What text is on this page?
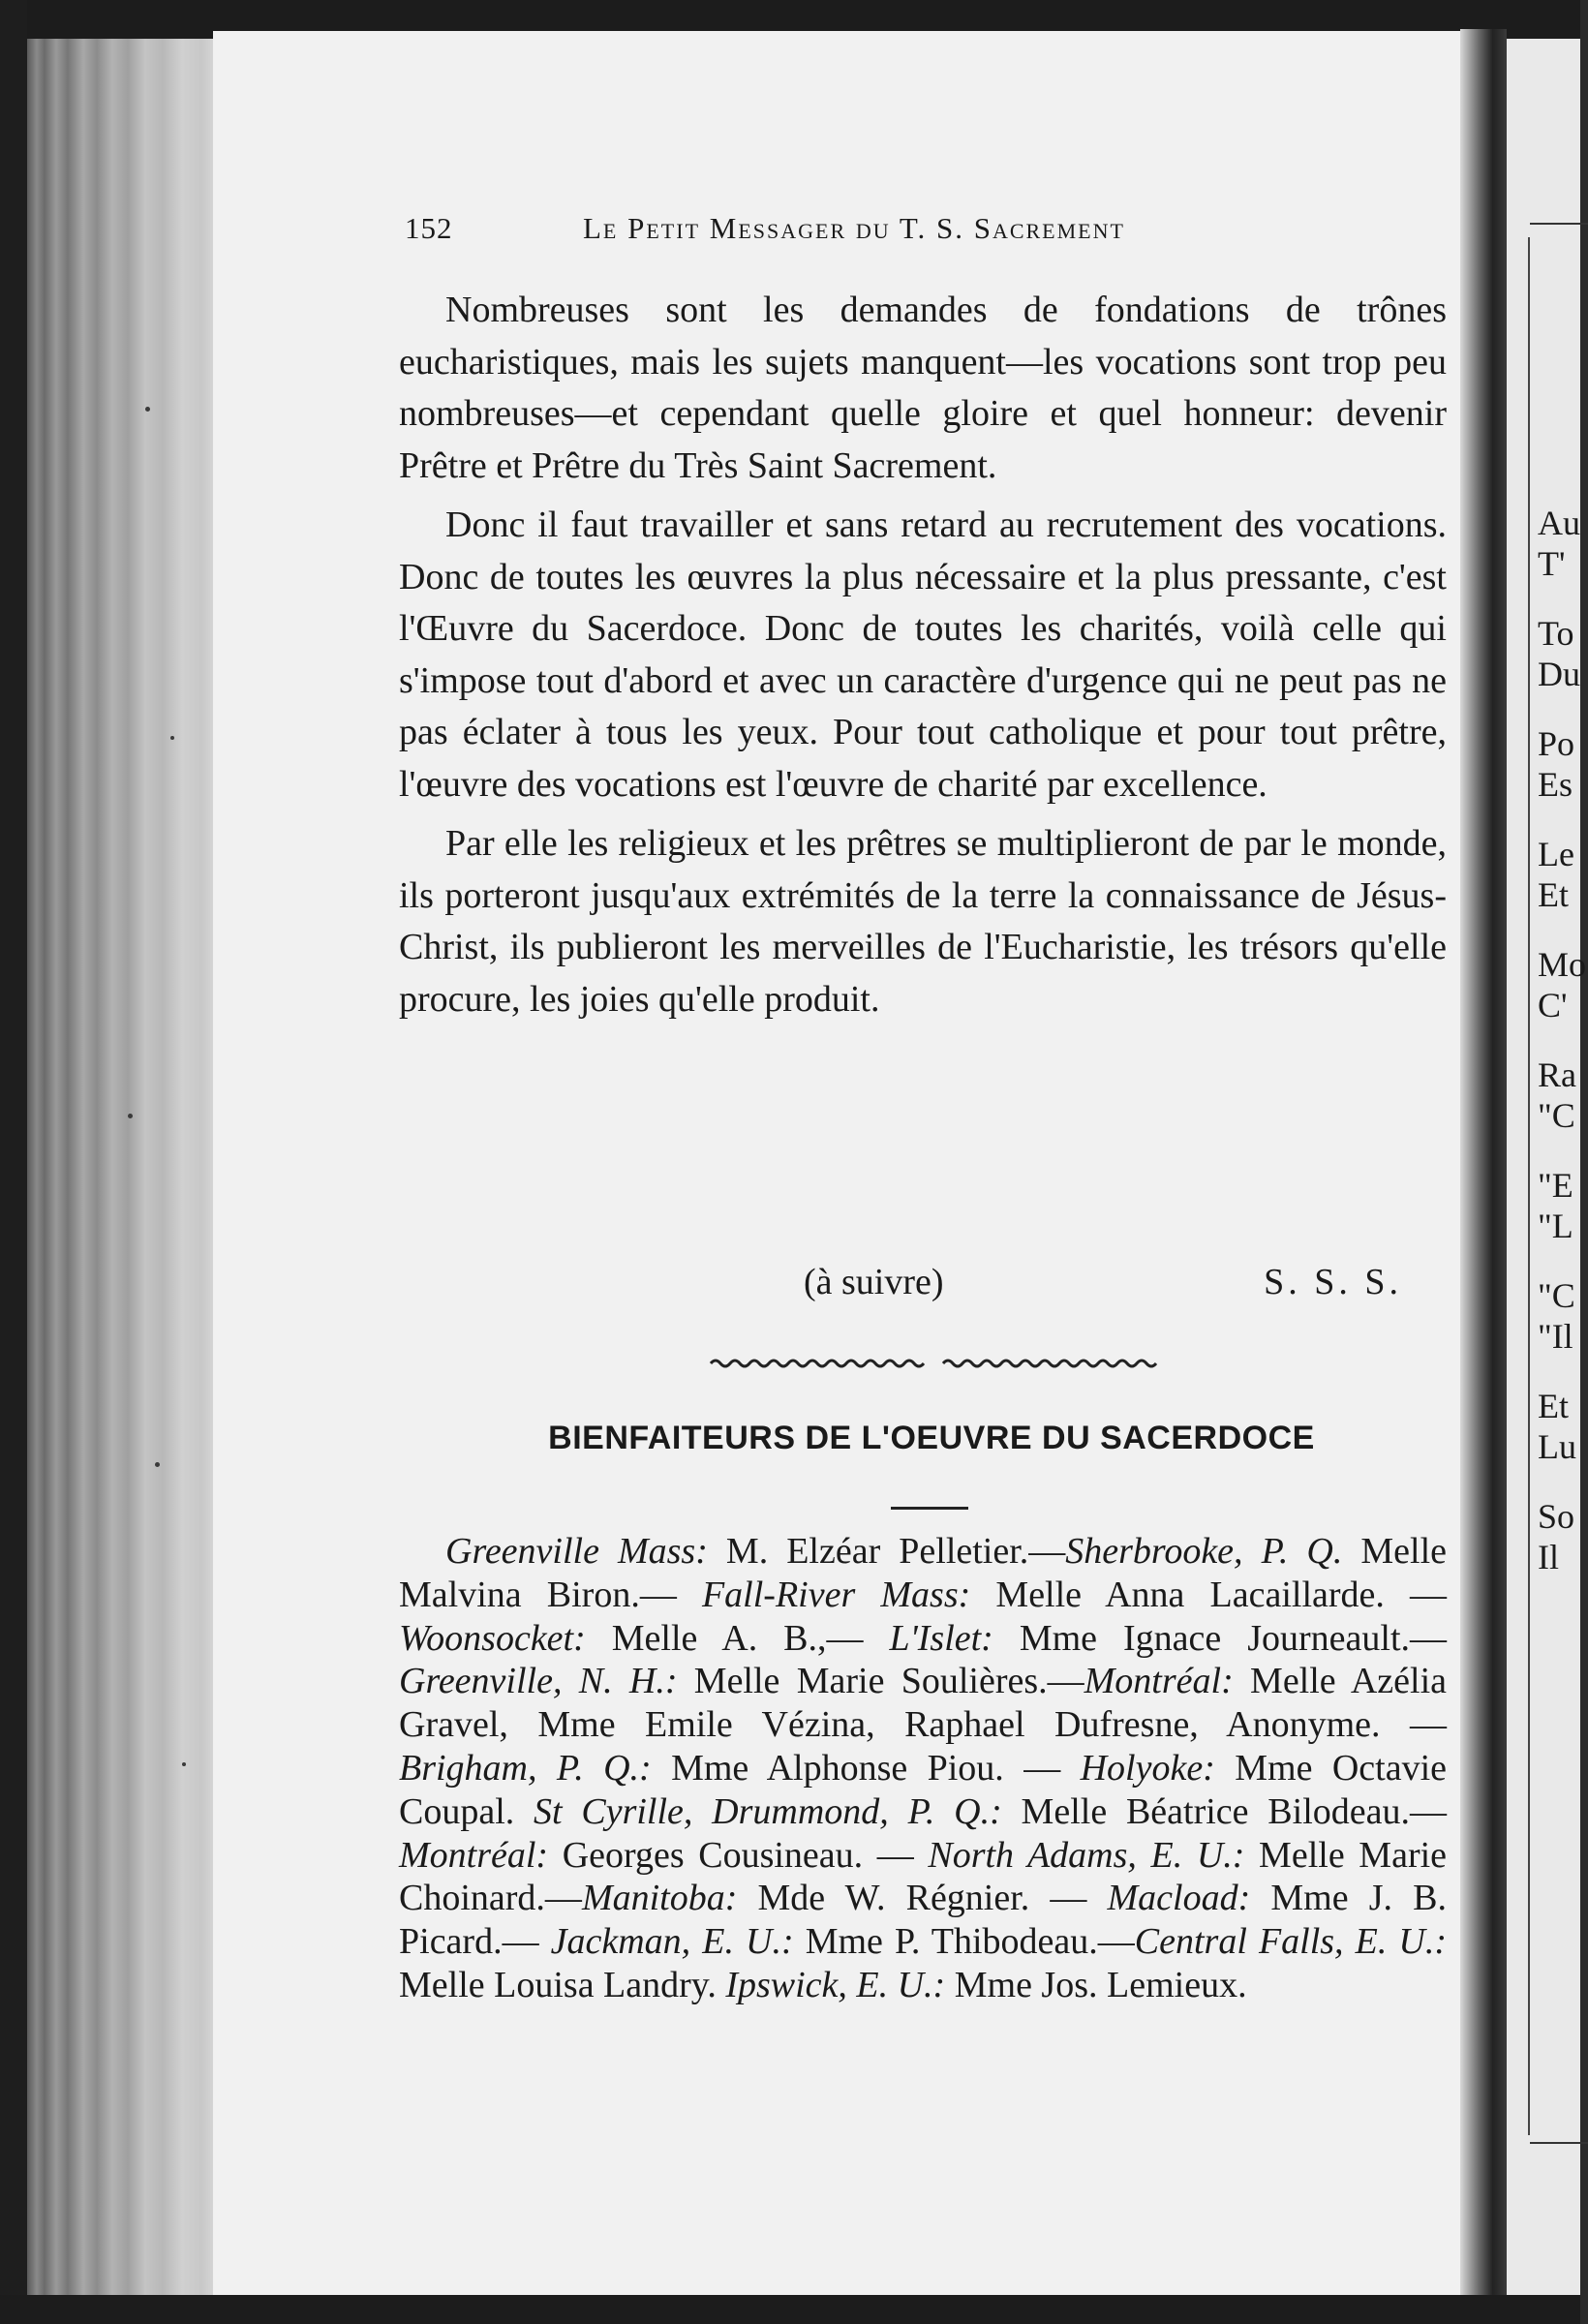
Au
T'
To
Du
Po
Es
Le
Et
Mo
C'
Ra
"C
"E
"L
"C
"Il
Et
Lu
So
Il
152	Le Petit Messager du T. S. Sacrement

Nombreuses sont les demandes de fondations de trônes eucharistiques, mais les sujets manquent—les vocations sont trop peu nombreuses—et cependant quelle gloire et quel honneur: devenir Prêtre et Prêtre du Très Saint Sacrement.

Donc il faut travailler et sans retard au recrutement des vocations. Donc de toutes les œuvres la plus nécessaire et la plus pressante, c'est l'Œuvre du Sacerdoce. Donc de toutes les charités, voilà celle qui s'impose tout d'abord et avec un caractère d'urgence qui ne peut pas ne pas éclater à tous les yeux. Pour tout catholique et pour tout prêtre, l'œuvre des vocations est l'œuvre de charité par excellence.

Par elle les religieux et les prêtres se multiplieront de par le monde, ils porteront jusqu'aux extrémités de la terre la connaissance de Jésus-Christ, ils publieront les merveilles de l'Eucharistie, les trésors qu'elle procure, les joies qu'elle produit.

(à suivre)	S. S. S.
BIENFAITEURS DE L'OEUVRE DU SACERDOCE
Greenville Mass: M. Elzéar Pelletier.—Sherbrooke, P. Q. Melle Malvina Biron.— Fall-River Mass: Melle Anna Lacaillarde. — Woonsocket: Melle A. B.,— L'Islet: Mme Ignace Journeault.—Greenville, N. H.: Melle Marie Soulières.—Montréal: Melle Azélia Gravel, Mme Emile Vézina, Raphael Dufresne, Anonyme. — Brigham, P. Q.: Mme Alphonse Piou. — Holyoke: Mme Octavie Coupal. St Cyrille, Drummond, P. Q.: Melle Béatrice Bilodeau.— Montréal: Georges Cousineau. — North Adams, E. U.: Melle Marie Choinard.—Manitoba: Mde W. Régnier. — Macload: Mme J. B. Picard.— Jackman, E. U.: Mme P. Thibodeau.—Central Falls, E. U.: Melle Louisa Landry. Ipswick, E. U.: Mme Jos. Lemieux.
